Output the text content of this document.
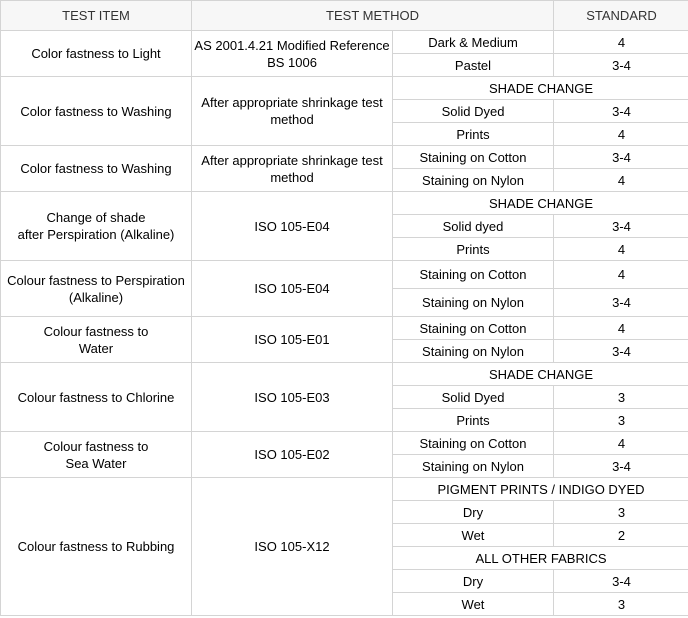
TEST ITEM	TEST METHOD		STANDARD
Color fastness to Light	AS 2001.4.21 Modified Reference BS 1006	Dark & Medium	4
		Pastel	3-4
Color fastness to Washing	After appropriate shrinkage test method	SHADE CHANGE	
		Solid Dyed	3-4
		Prints	4
Color fastness to Washing	After appropriate shrinkage test method	Staining on Cotton	3-4
		Staining on Nylon	4
Change of shade
after Perspiration (Alkaline)	ISO 105-E04	SHADE CHANGE	
		Solid dyed	3-4
		Prints	4
Colour fastness to Perspiration (Alkaline)	ISO 105-E04	Staining on Cotton	4
		Staining on Nylon	3-4
Colour fastness to
Water	ISO 105-E01	Staining on Cotton	4
		Staining on Nylon	3-4
Colour fastness to Chlorine	ISO 105-E03	SHADE CHANGE	
		Solid Dyed	3
		Prints	3
Colour fastness to
Sea Water	ISO 105-E02	Staining on Cotton	4
		Staining on Nylon	3-4
Colour fastness to Rubbing	ISO 105-X12	PIGMENT PRINTS / INDIGO DYED	
		Dry	3
		Wet	2
		ALL OTHER FABRICS	
		Dry	3-4
		Wet	3
